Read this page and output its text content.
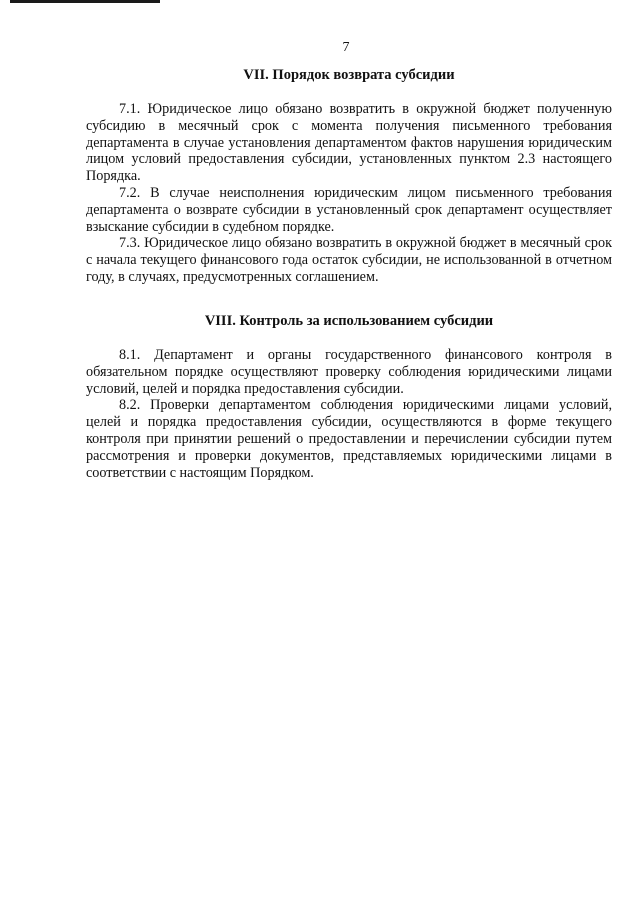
7
VII. Порядок возврата субсидии

7.1. Юридическое лицо обязано возвратить в окружной бюджет полученную субсидию в месячный срок с момента получения письменного требования департамента в случае установления департаментом фактов нарушения юридическим лицом условий предоставления субсидии, установленных пунктом 2.3 настоящего Порядка.

7.2. В случае неисполнения юридическим лицом письменного требования департамента о возврате субсидии в установленный срок департамент осуществляет взыскание субсидии в судебном порядке.

7.3. Юридическое лицо обязано возвратить в окружной бюджет в месячный срок с начала текущего финансового года остаток субсидии, не использованной в отчетном году, в случаях, предусмотренных соглашением.

VIII. Контроль за использованием субсидии

8.1. Департамент и органы государственного финансового контроля в обязательном порядке осуществляют проверку соблюдения юридическими лицами условий, целей и порядка предоставления субсидии.

8.2. Проверки департаментом соблюдения юридическими лицами условий, целей и порядка предоставления субсидии, осуществляются в форме текущего контроля при принятии решений о предоставлении и перечислении субсидии путем рассмотрения и проверки документов, представляемых юридическими лицами в соответствии с настоящим Порядком.
